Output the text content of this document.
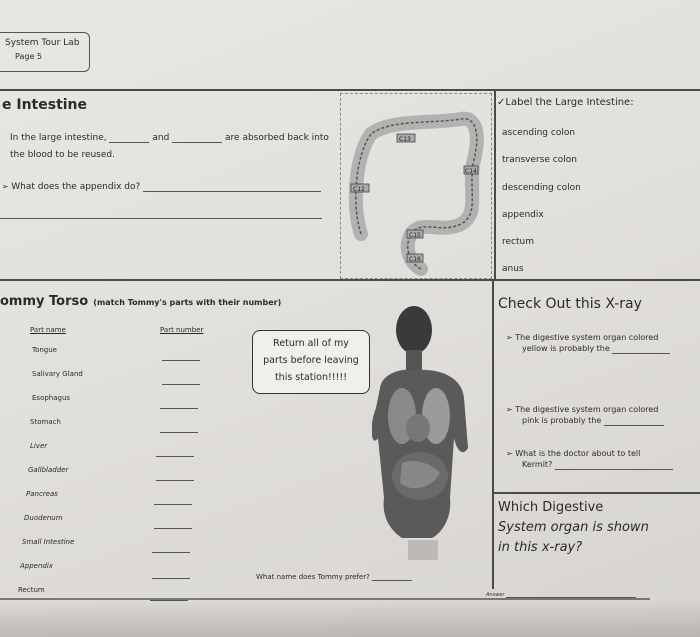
System Tour Lab
Page 5
e Intestine
In the large intestine,	and	are absorbed back into
the blood to be reused.
➢ What does the appendix do?
C13
C14
C12
C15
C16
✓Label the Large Intestine:
ascending colon
transverse colon
descending colon
appendix
rectum
anus
ommy Torso (match Tommy's parts with their number)
Part name	Part number
Tongue
Salivary Gland
Esophagus
Stomach
Liver
Gallbladder
Pancreas
Duodenum
Small Intestine
Appendix
Rectum
Return all of my
parts before leaving
this station!!!!!
What name does Tommy prefer?
Check Out this X-ray
➢ The digestive system organ colored
yellow is probably the
➢ The digestive system organ colored
pink is probably the
➢ What is the doctor about to tell
Kermit?
Which Digestive
System organ is shown
in this x-ray?
Answer
